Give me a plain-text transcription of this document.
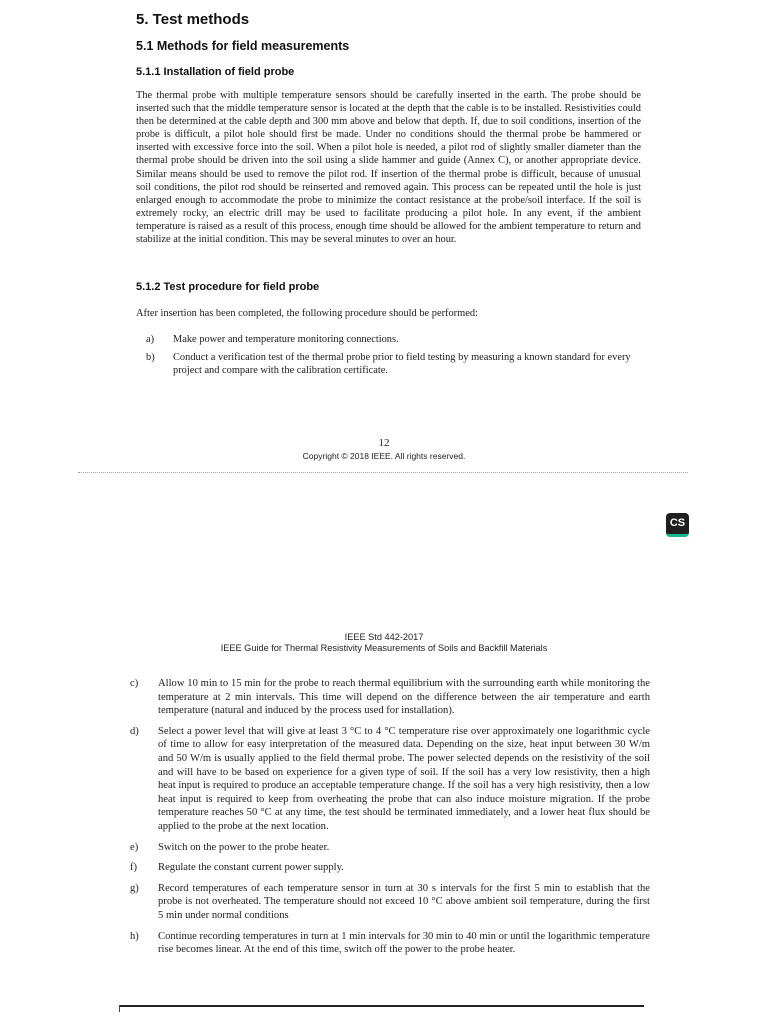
5. Test methods
5.1 Methods for field measurements
5.1.1 Installation of field probe
The thermal probe with multiple temperature sensors should be carefully inserted in the earth. The probe should be inserted such that the middle temperature sensor is located at the depth that the cable is to be installed. Resistivities could then be determined at the cable depth and 300 mm above and below that depth. If, due to soil conditions, insertion of the probe is difficult, a pilot hole should first be made. Under no conditions should the thermal probe be hammered or inserted with excessive force into the soil. When a pilot hole is needed, a pilot rod of slightly smaller diameter than the thermal probe should be driven into the soil using a slide hammer and guide (Annex C), or another appropriate device. Similar means should be used to remove the pilot rod. If insertion of the thermal probe is difficult, because of unusual soil conditions, the pilot rod should be reinserted and removed again. This process can be repeated until the hole is just enlarged enough to accommodate the probe to minimize the contact resistance at the probe/soil interface. If the soil is extremely rocky, an electric drill may be used to facilitate producing a pilot hole. In any event, if the ambient temperature is raised as a result of this process, enough time should be allowed for the ambient temperature to return and stabilize at the initial condition. This may be several minutes to over an hour.
5.1.2 Test procedure for field probe
After insertion has been completed, the following procedure should be performed:
a) Make power and temperature monitoring connections.
b) Conduct a verification test of the thermal probe prior to field testing by measuring a known standard for every project and compare with the calibration certificate.
12
Copyright © 2018 IEEE. All rights reserved.
CS
IEEE Std 442-2017
IEEE Guide for Thermal Resistivity Measurements of Soils and Backfill Materials
c) Allow 10 min to 15 min for the probe to reach thermal equilibrium with the surrounding earth while monitoring the temperature at 2 min intervals. This time will depend on the difference between the air temperature and earth temperature (natural and induced by the process used for installation).
d) Select a power level that will give at least 3 °C to 4 °C temperature rise over approximately one logarithmic cycle of time to allow for easy interpretation of the measured data. Depending on the size, heat input between 30 W/m and 50 W/m is usually applied to the field thermal probe. The power selected depends on the resistivity of the soil and will have to be based on experience for a given type of soil. If the soil has a very low resistivity, then a high heat input is required to produce an acceptable temperature change. If the soil has a very high resistivity, then a low heat input is required to keep from overheating the probe that can also induce moisture migration. If the probe temperature reaches 50 °C at any time, the test should be terminated immediately, and a lower heat flux should be applied to the probe at the next location.
e) Switch on the power to the probe heater.
f) Regulate the constant current power supply.
g) Record temperatures of each temperature sensor in turn at 30 s intervals for the first 5 min to establish that the probe is not overheated. The temperature should not exceed 10 °C above ambient soil temperature, during the first 5 min under normal conditions
h) Continue recording temperatures in turn at 1 min intervals for 30 min to 40 min or until the logarithmic temperature rise becomes linear. At the end of this time, switch off the power to the probe heater.
